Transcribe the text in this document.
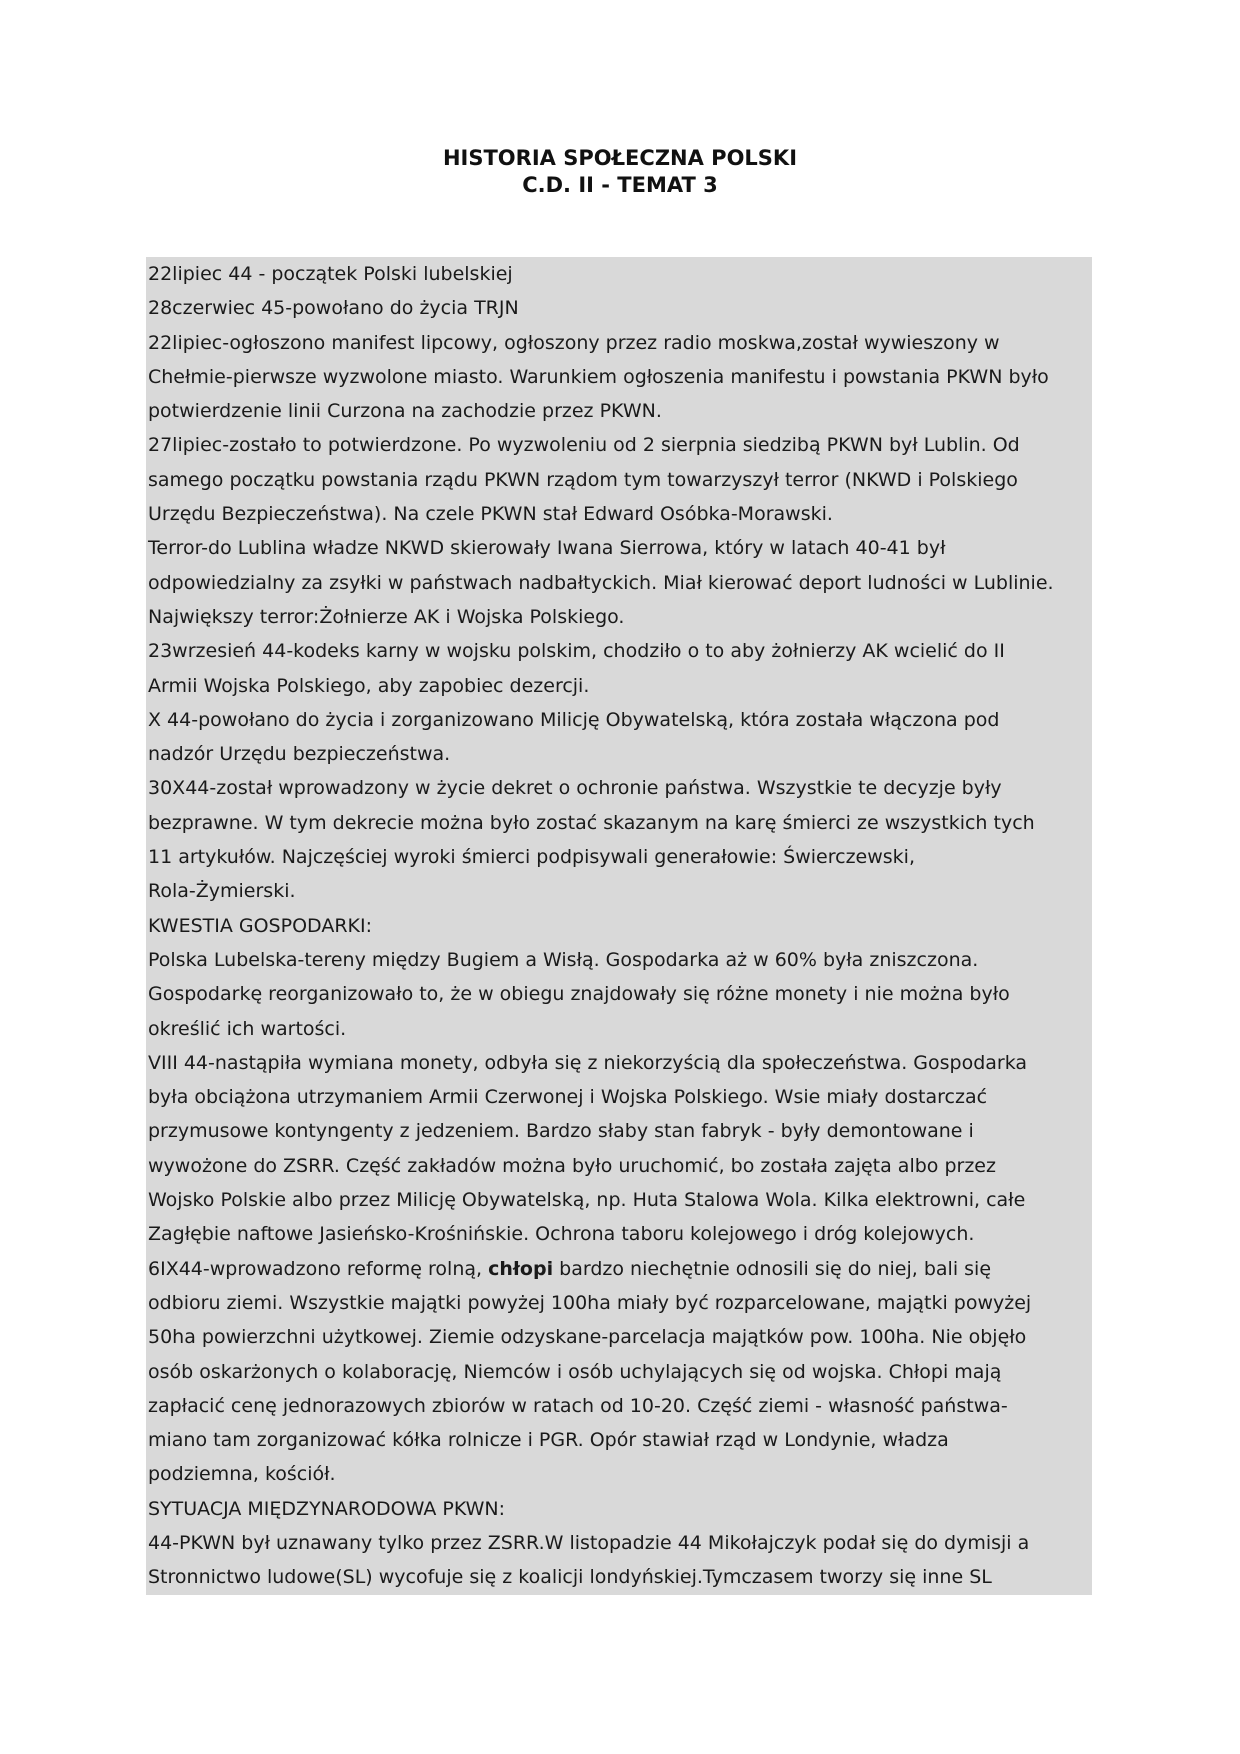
HISTORIA SPOŁECZNA POLSKI
C.D. II - TEMAT 3
22lipiec 44 - początek Polski lubelskiej
28czerwiec 45-powołano do życia TRJN
22lipiec-ogłoszono manifest lipcowy, ogłoszony przez radio moskwa,został wywieszony w
Chełmie-pierwsze wyzwolone miasto. Warunkiem ogłoszenia manifestu i powstania PKWN było
potwierdzenie linii Curzona na zachodzie przez PKWN.
27lipiec-zostało to potwierdzone. Po wyzwoleniu od 2 sierpnia siedzibą PKWN był Lublin. Od
samego początku powstania rządu PKWN rządom tym towarzyszył terror (NKWD i Polskiego
Urzędu Bezpieczeństwa). Na czele PKWN stał Edward Osóbka-Morawski.
Terror-do Lublina władze NKWD skierowały Iwana Sierrowa, który w latach 40-41 był
odpowiedzialny za zsyłki w państwach nadbałtyckich. Miał kierować deport ludności w Lublinie.
Największy terror:Żołnierze AK i Wojska Polskiego.
23wrzesień 44-kodeks karny w wojsku polskim, chodziło o to aby żołnierzy AK wcielić do II
Armii Wojska Polskiego, aby zapobiec dezercji.
X 44-powołano do życia i zorganizowano Milicję Obywatelską, która została włączona pod
nadzór Urzędu bezpieczeństwa.
30X44-został wprowadzony w życie dekret o ochronie państwa. Wszystkie te decyzje były
bezprawne. W tym dekrecie można było zostać skazanym na karę śmierci ze wszystkich tych
11 artykułów. Najczęściej wyroki śmierci podpisywali generałowie: Świerczewski,
Rola-Żymierski.
KWESTIA GOSPODARKI:
Polska Lubelska-tereny między Bugiem a Wisłą. Gospodarka aż w 60% była zniszczona.
Gospodarkę reorganizowało to, że w obiegu znajdowały się różne monety i nie można było
określić ich wartości.
VIII 44-nastąpiła wymiana monety, odbyła się z niekorzyścią dla społeczeństwa. Gospodarka
była obciążona utrzymaniem Armii Czerwonej i Wojska Polskiego. Wsie miały dostarczać
przymusowe kontyngenty z jedzeniem. Bardzo słaby stan fabryk - były demontowane i
wywożone do ZSRR. Część zakładów można było uruchomić, bo została zajęta albo przez
Wojsko Polskie albo przez Milicję Obywatelską, np. Huta Stalowa Wola. Kilka elektrowni, całe
Zagłębie naftowe Jasieńsko-Krośnińskie. Ochrona taboru kolejowego i dróg kolejowych.
6IX44-wprowadzono reformę rolną, chłopi bardzo niechętnie odnosili się do niej, bali się
odbioru ziemi. Wszystkie majątki powyżej 100ha miały być rozparcelowane, majątki powyżej
50ha powierzchni użytkowej. Ziemie odzyskane-parcelacja majątków pow. 100ha. Nie objęło
osób oskarżonych o kolaborację, Niemców i osób uchylających się od wojska. Chłopi mają
zapłacić cenę jednorazowych zbiorów w ratach od 10-20. Część ziemi - własność państwa-
miano tam zorganizować kółka rolnicze i PGR. Opór stawiał rząd w Londynie, władza
podziemna, kościół.
SYTUACJA MIĘDZYNARODOWA PKWN:
44-PKWN był uznawany tylko przez ZSRR.W listopadzie 44 Mikołajczyk podał się do dymisji a
Stronnictwo ludowe(SL) wycofuje się z koalicji londyńskiej.Tymczasem tworzy się inne SL
